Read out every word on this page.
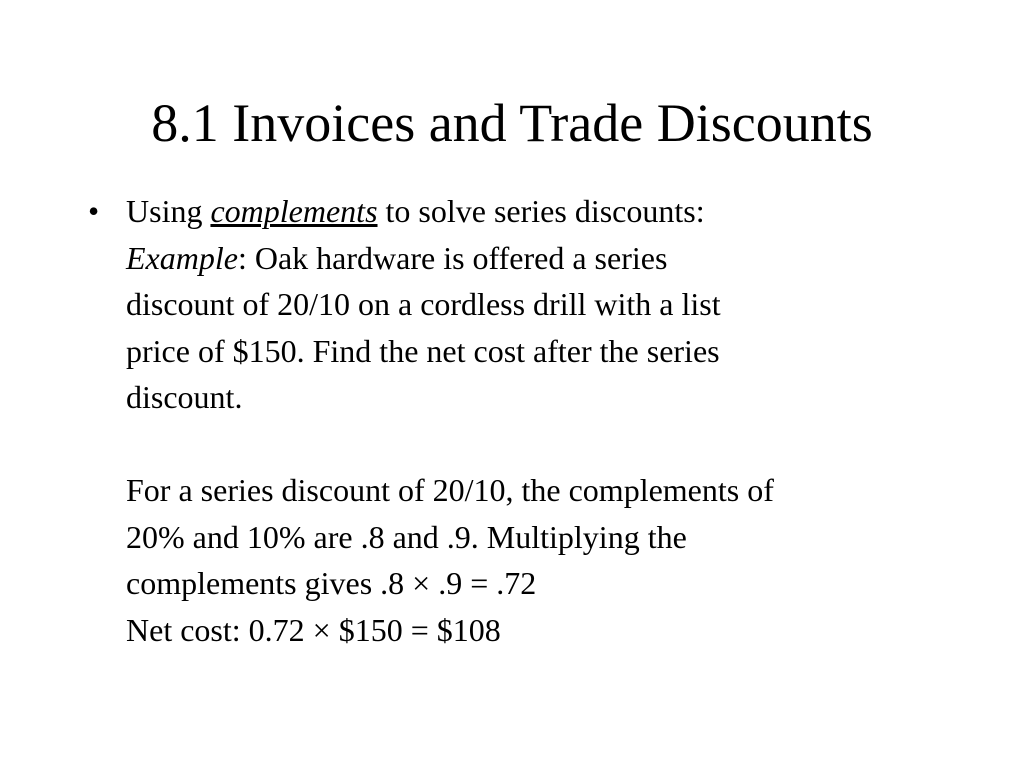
8.1 Invoices and Trade Discounts
• Using complements to solve series discounts:
Example: Oak hardware is offered a series
discount of 20/10 on a cordless drill with a list
price of $150. Find the net cost after the series
discount.
For a series discount of 20/10, the complements of
20% and 10% are .8 and .9. Multiplying the
complements gives .8 × .9 = .72
Net cost: 0.72 × $150 = $108
